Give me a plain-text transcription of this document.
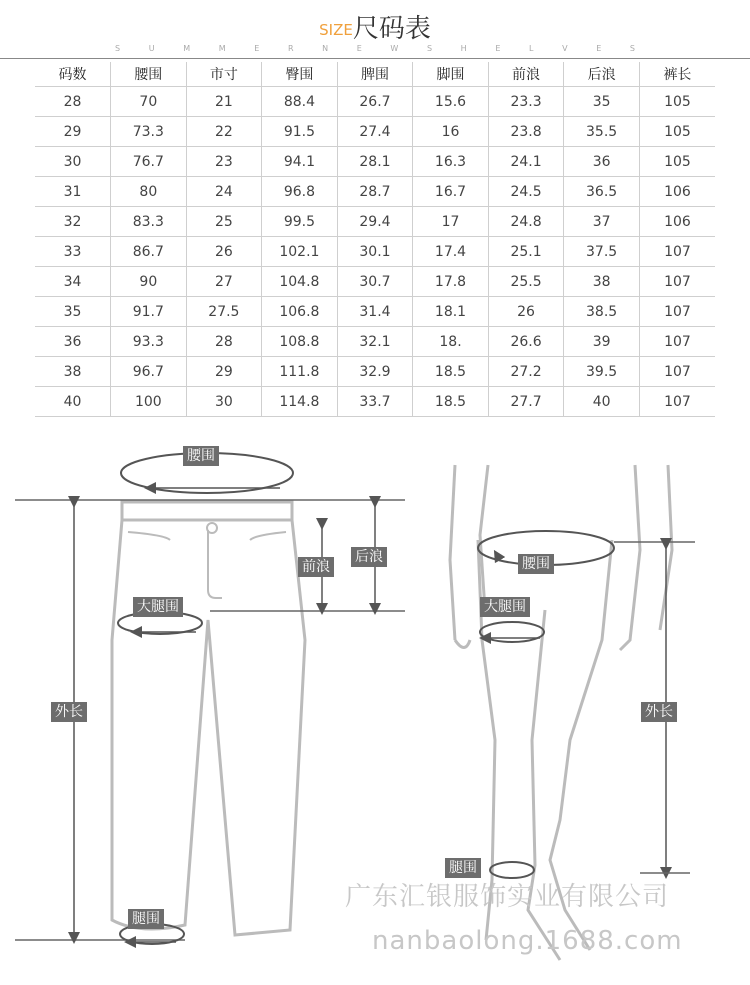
SIZE尺码表
S	U	M	M	E	R	N	E	W	S	H	E	L	V	E	S
码数	腰围	市寸	臀围	脾围	脚围	前浪	后浪	裤长
28	70	21	88.4	26.7	15.6	23.3	35	105
29	73.3	22	91.5	27.4	16	23.8	35.5	105
30	76.7	23	94.1	28.1	16.3	24.1	36	105
31	80	24	96.8	28.7	16.7	24.5	36.5	106
32	83.3	25	99.5	29.4	17	24.8	37	106
33	86.7	26	102.1	30.1	17.4	25.1	37.5	107
34	90	27	104.8	30.7	17.8	25.5	38	107
35	91.7	27.5	106.8	31.4	18.1	26	38.5	107
36	93.3	28	108.8	32.1	18.	26.6	39	107
38	96.7	29	111.8	32.9	18.5	27.2	39.5	107
40	100	30	114.8	33.7	18.5	27.7	40	107
腰围
前浪
后浪
大腿围
外长
腿围
腰围
大腿围
外长
腿围
广东汇银服饰实业有限公司
nanbaolong.1688.com
